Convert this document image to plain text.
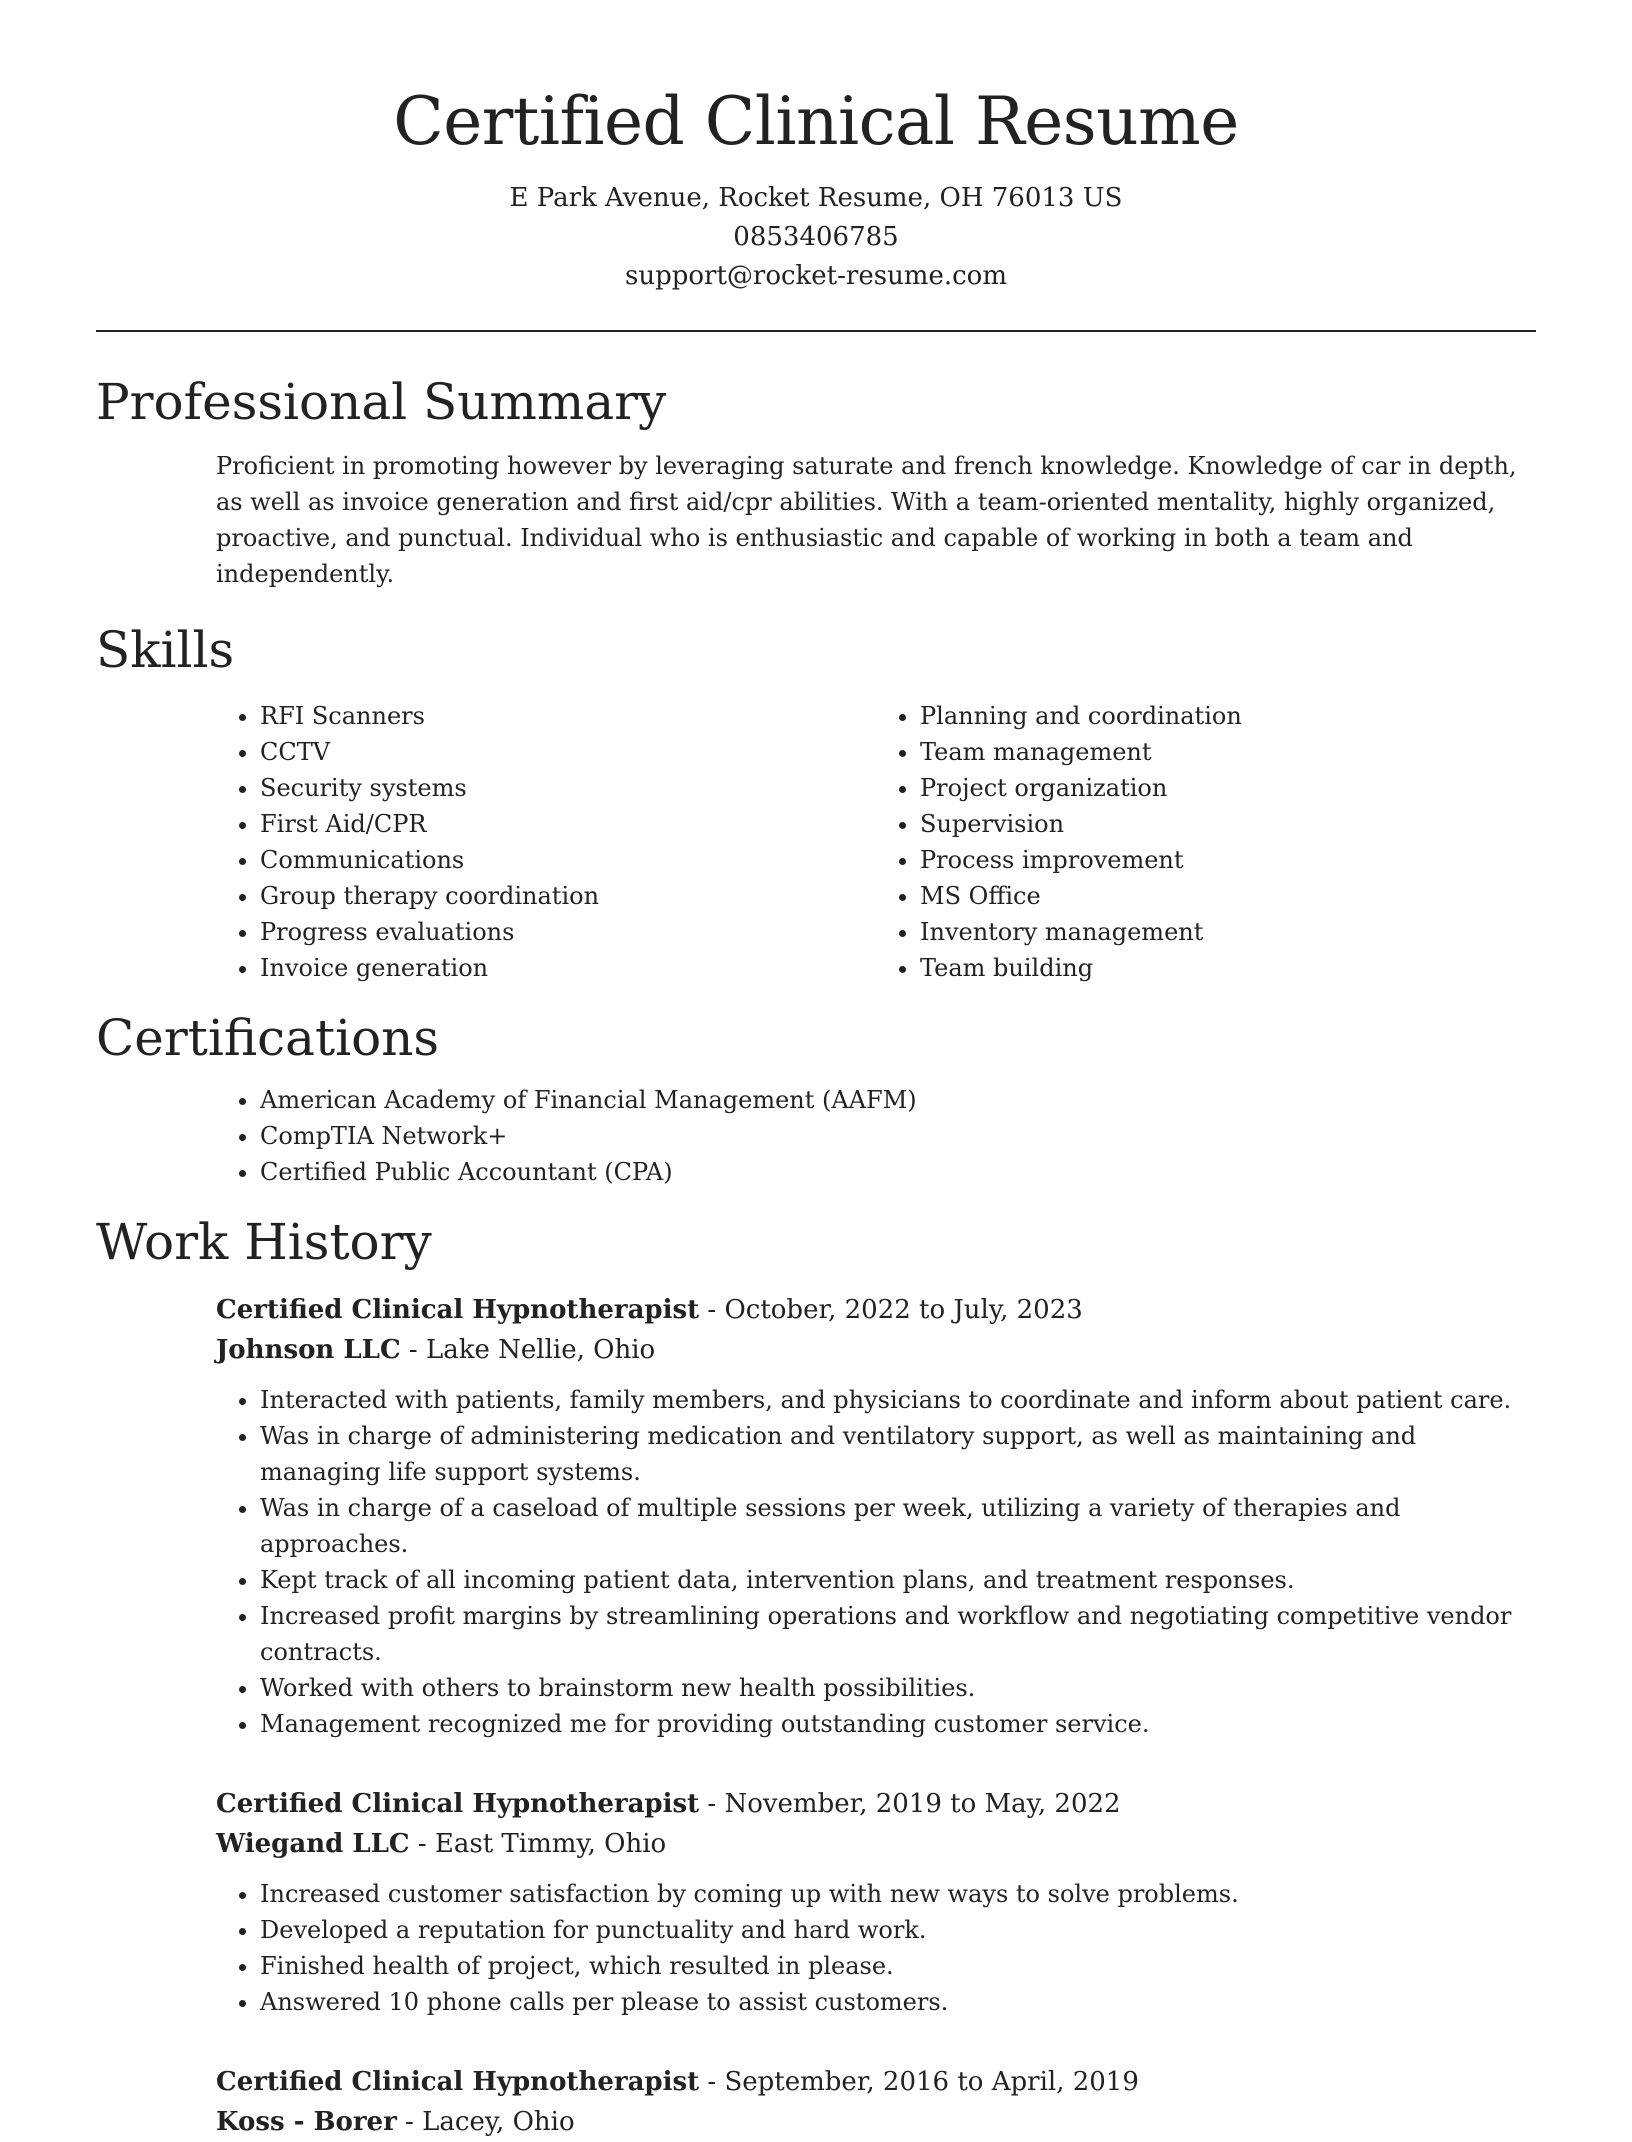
Certified Clinical Resume
E Park Avenue, Rocket Resume, OH 76013 US
0853406785
support@rocket-resume.com
Professional Summary

Proficient in promoting however by leveraging saturate and french knowledge. Knowledge of car in depth, as well as invoice generation and first aid/cpr abilities. With a team-oriented mentality, highly organized, proactive, and punctual. Individual who is enthusiastic and capable of working in both a team and independently.

Skills
• RFI Scanners
• CCTV
• Security systems
• First Aid/CPR
• Communications
• Group therapy coordination
• Progress evaluations
• Invoice generation
• Planning and coordination
• Team management
• Project organization
• Supervision
• Process improvement
• MS Office
• Inventory management
• Team building
Certifications
• American Academy of Financial Management (AAFM)
• CompTIA Network+
• Certified Public Accountant (CPA)
Work History
Certified Clinical Hypnotherapist - October, 2022 to July, 2023
Johnson LLC - Lake Nellie, Ohio
• Interacted with patients, family members, and physicians to coordinate and inform about patient care.
• Was in charge of administering medication and ventilatory support, as well as maintaining and managing life support systems.
• Was in charge of a caseload of multiple sessions per week, utilizing a variety of therapies and approaches.
• Kept track of all incoming patient data, intervention plans, and treatment responses.
• Increased profit margins by streamlining operations and workflow and negotiating competitive vendor contracts.
• Worked with others to brainstorm new health possibilities.
• Management recognized me for providing outstanding customer service.
Certified Clinical Hypnotherapist - November, 2019 to May, 2022
Wiegand LLC - East Timmy, Ohio
• Increased customer satisfaction by coming up with new ways to solve problems.
• Developed a reputation for punctuality and hard work.
• Finished health of project, which resulted in please.
• Answered 10 phone calls per please to assist customers.
Certified Clinical Hypnotherapist - September, 2016 to April, 2019
Koss - Borer - Lacey, Ohio
